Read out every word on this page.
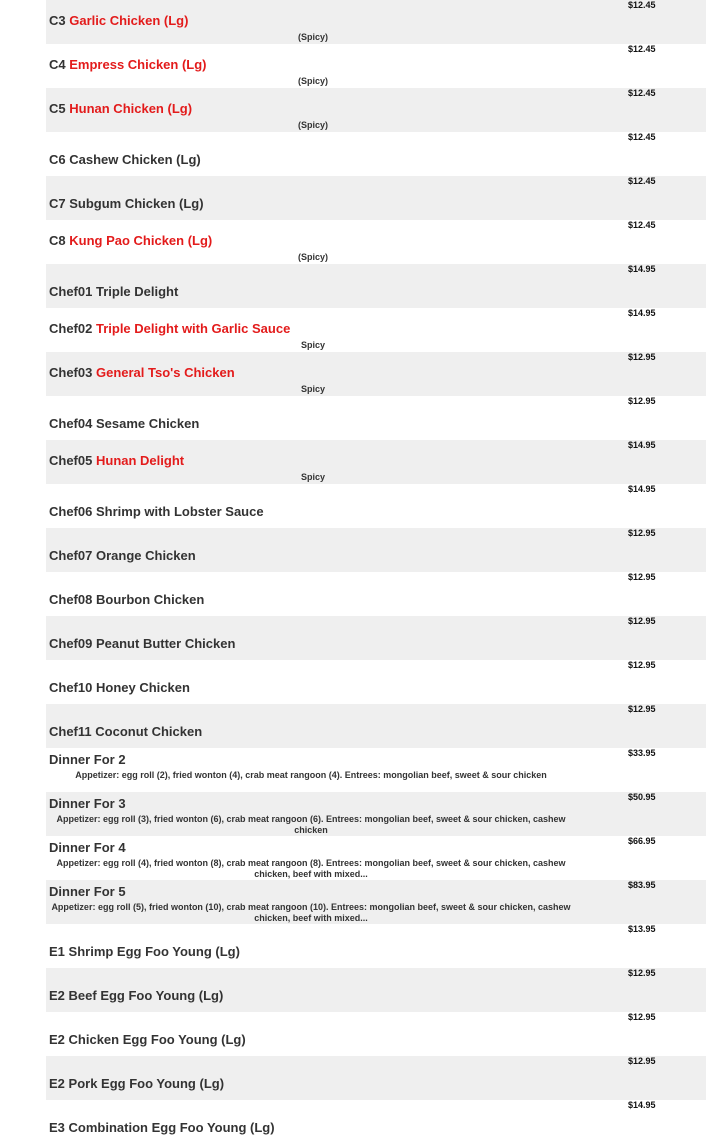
$12.45
C3 Garlic Chicken (Lg)
(Spicy)
$12.45
C4 Empress Chicken (Lg)
(Spicy)
$12.45
C5 Hunan Chicken (Lg)
(Spicy)
$12.45
C6 Cashew Chicken (Lg)
$12.45
C7 Subgum Chicken (Lg)
$12.45
C8 Kung Pao Chicken (Lg)
(Spicy)
$14.95
Chef01 Triple Delight
$14.95
Chef02 Triple Delight with Garlic Sauce
Spicy
$12.95
Chef03 General Tso's Chicken
Spicy
$12.95
Chef04 Sesame Chicken
$14.95
Chef05 Hunan Delight
Spicy
$14.95
Chef06 Shrimp with Lobster Sauce
$12.95
Chef07 Orange Chicken
$12.95
Chef08 Bourbon Chicken
$12.95
Chef09 Peanut Butter Chicken
$12.95
Chef10 Honey Chicken
$12.95
Chef11 Coconut Chicken
$33.95
Dinner For 2
Appetizer: egg roll (2), fried wonton (4), crab meat rangoon (4). Entrees: mongolian beef, sweet & sour chicken
$50.95
Dinner For 3
Appetizer: egg roll (3), fried wonton (6), crab meat rangoon (6). Entrees: mongolian beef, sweet & sour chicken, cashew chicken
$66.95
Dinner For 4
Appetizer: egg roll (4), fried wonton (8), crab meat rangoon (8). Entrees: mongolian beef, sweet & sour chicken, cashew chicken, beef with mixed...
$83.95
Dinner For 5
Appetizer: egg roll (5), fried wonton (10), crab meat rangoon (10). Entrees: mongolian beef, sweet & sour chicken, cashew chicken, beef with mixed...
$13.95
E1 Shrimp Egg Foo Young (Lg)
$12.95
E2 Beef Egg Foo Young (Lg)
$12.95
E2 Chicken Egg Foo Young (Lg)
$12.95
E2 Pork Egg Foo Young (Lg)
$14.95
E3 Combination Egg Foo Young (Lg)
